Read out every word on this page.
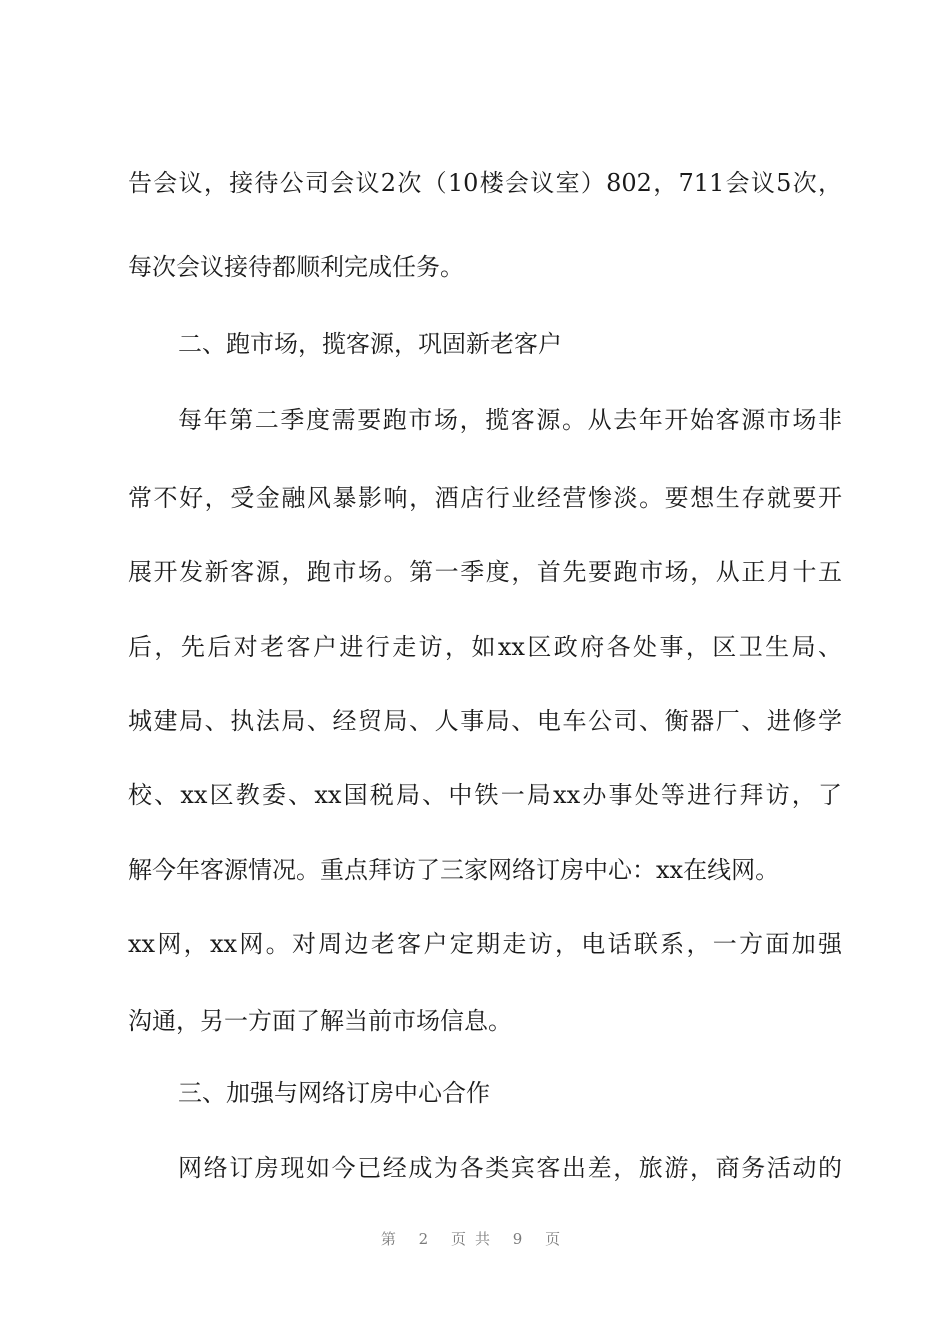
告会议，接待公司会议2次（10楼会议室）802，711会议5次，
每次会议接待都顺利完成任务。
二、跑市场，揽客源，巩固新老客户
每年第二季度需要跑市场，揽客源。从去年开始客源市场非
常不好，受金融风暴影响，酒店行业经营惨淡。要想生存就要开
展开发新客源，跑市场。第一季度，首先要跑市场，从正月十五
后，先后对老客户进行走访，如xx区政府各处事，区卫生局、
城建局、执法局、经贸局、人事局、电车公司、衡器厂、进修学
校、xx区教委、xx国税局、中铁一局xx办事处等进行拜访，了
解今年客源情况。重点拜访了三家网络订房中心：xx在线网。
xx网，xx网。对周边老客户定期走访，电话联系，一方面加强
沟通，另一方面了解当前市场信息。
三、加强与网络订房中心合作
网络订房现如今已经成为各类宾客出差，旅游，商务活动的
第 2 页共 9 页
